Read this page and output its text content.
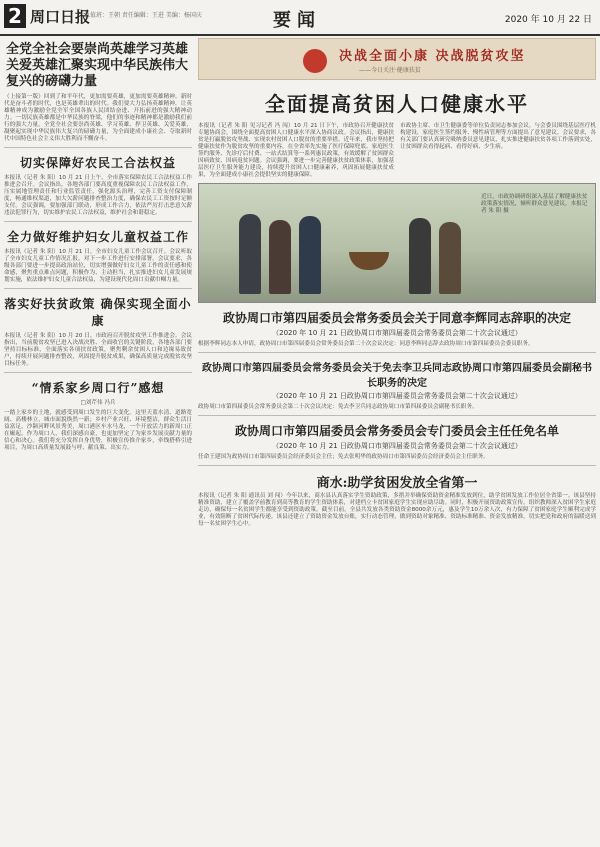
2 周口日报
总值班：王朝 责任编辑：王进 美编：杨国庆	要闻	2020 年 10 月 22 日
全党全社会要崇尚英雄学习英雄关爱英雄汇聚实现中华民族伟大复兴的磅礴力量

（上接第一版）回到了和平年代，更加需要英雄，更加需要英雄精神。新时代是奋斗者的时代，也是英雄辈出的时代。我们要大力弘扬英雄精神，让英雄精神成为激励全党全军全国各族人民团结奋进、开拓前进的强大精神动力。一切民族英雄都是中华民族的脊梁，他们的事迹和精神都是激励我们前行的强大力量。全党全社会要崇尚英雄、学习英雄、捍卫英雄、关爱英雄，凝聚起实现中华民族伟大复兴的磅礴力量，为全面建成小康社会、夺取新时代中国特色社会主义伟大胜利而不懈奋斗。

切实保障好农民工合法权益

本报讯（记者 朱 阳）10 月 21 日上午，全市落实保障农民工合法权益工作推进会召开。会议指出，各地各部门要高度重视保障农民工合法权益工作，压实属地管理责任和行业监管责任，强化源头治理，完善工资支付保障制度，畅通维权渠道，加大欠薪问题排查整治力度，确保农民工工资按时足额支付。会议强调，要加强部门联动，形成工作合力，依法严厉打击恶意欠薪违法犯罪行为，切实维护农民工合法权益，维护社会和谐稳定。

全力做好维护妇女儿童权益工作

本报讯（记者 朱 阳）10 月 21 日，全市妇女儿童工作会议召开。会议听取了全市妇女儿童工作情况汇报，对下一步工作进行安排部署。会议要求，各级各部门要进一步提高政治站位，切实增强做好妇女儿童工作的责任感和使命感，聚焦重点难点问题，积极作为、主动担当，扎实推进妇女儿童发展规划实施，依法维护妇女儿童合法权益，为建设现代化周口贡献巾帼力量。

落实好扶贫政策 确保实现全面小康

本报讯（记者 朱 阳）10 月 20 日，市政府召开脱贫攻坚工作推进会。会议指出，当前脱贫攻坚已进入决战决胜、全面收官的关键阶段，各地各部门要坚持目标标准，全面落实各项扶贫政策，聚焦剩余贫困人口和边缘易致贫户，持续开展问题排查整改，巩固提升脱贫成果，确保高质量完成脱贫攻坚目标任务。

“情系家乡周口行”感想
□刘芹伟 冯兵

一踏上家乡的土地，就感受到周口发生的巨大变化。这里天蓝水清、道路宽阔、高楼林立，城市面貌焕然一新；乡村产业兴旺、环境整洁，群众生活日益富足。沙颍河畔风景秀美，周口港区车水马龙，一个开放活力的新周口正在崛起。作为周口人，我们深感自豪，也更加坚定了为家乡发展贡献力量的信心和决心。我们将充分发挥自身优势，积极宣传推介家乡，牵线搭桥引进项目，为周口高质量发展鼓与呼、献良策、出实力。

决战全面小康 决战脱贫攻坚
——今日关注·健康扶贫
全面提高贫困人口健康水平

本报讯（记者 朱 阳 见习记者 冯 闯）10 月 21 日下午，市政协召开健康扶贫专题协商会，围绕全面提高贫困人口健康水平深入协商议政。会议指出，健康扶贫是打赢脱贫攻坚战、实现农村贫困人口脱贫的重要举措。近年来，我市坚持把健康扶贫作为脱贫攻坚的重要内容，在全省率先实施了医疗保障兜底、家庭医生签约服务、先诊疗后付费、一站式结算等一系列惠民政策，有效缓解了贫困群众因病致贫、因病返贫问题。会议强调，要进一步完善健康扶贫政策体系，加强基层医疗卫生服务能力建设，持续提升贫困人口健康素养，巩固拓展健康扶贫成果，为全面建成小康社会提供坚实的健康保障。

市政协主席、市卫生健康委等单位负责同志参加会议。与会委员围绕基层医疗机构建设、家庭医生签约服务、慢性病管理等方面提出了意见建议。会议要求，各有关部门要认真研究吸纳委员意见建议，扎实推进健康扶贫各项工作落到实处，让贫困群众看得起病、看得好病、少生病。

近日，市政协调研组深入基层了解健康扶贫政策落实情况，倾听群众意见建议。本报记者 朱 阳 摄
政协周口市第四届委员会常务委员会关于同意李辉同志辞职的决定
（2020 年 10 月 21 日政协周口市第四届委员会常务委员会第二十次会议通过）

根据李辉同志本人申请，政协周口市第四届委员会常务委员会第二十次会议决定：同意李辉同志辞去政协周口市第四届委员会委员职务。

政协周口市第四届委员会常务委员会关于免去李卫兵同志政协周口市第四届委员会副秘书长职务的决定
（2020 年 10 月 21 日政协周口市第四届委员会常务委员会第二十次会议通过）

政协周口市第四届委员会常务委员会第二十次会议决定：免去李卫兵同志政协周口市第四届委员会副秘书长职务。

政协周口市第四届委员会常务委员会专门委员会主任任免名单
（2020 年 10 月 21 日政协周口市第四届委员会常务委员会第二十次会议通过）

任命王建国为政协周口市第四届委员会经济委员会主任；免去张明华的政协周口市第四届委员会经济委员会主任职务。

商水:助学贫困发放全省第一

本报讯（记者 朱 阳 通讯员 刘 闯）今年以来，商水县认真落实学生资助政策，多措并举确保资助资金精准发放到位，助学贫困发放工作位居全省第一。该县坚持精准资助，建立了覆盖学前教育到高等教育的学生资助体系，对建档立卡贫困家庭学生实现应助尽助。同时，积极开展资助政策宣传，组织教师深入贫困学生家庭走访，确保每一名贫困学生都能享受到资助政策。截至目前，全县共发放各类资助资金8000余万元，惠及学生10万余人次，有力保障了贫困家庭学生顺利完成学业，有效阻断了贫困代际传递。该县还建立了资助资金发放台账，实行动态管理，做到资助对象精准、资助标准精准、资金发放精准，切实把党和政府的温暖送到每一名贫困学生心中。
